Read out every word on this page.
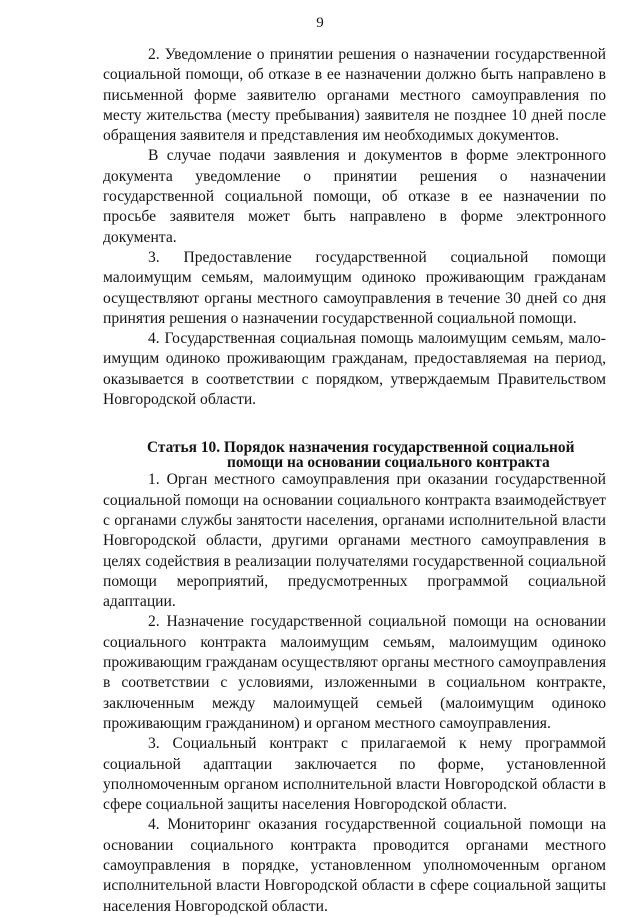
9

2. Уведомление о принятии решения о назначении государственной социальной помощи, об отказе в ее назначении должно быть направлено в письменной форме заявителю органами местного самоуправления по месту жительства (месту пребывания) заявителя не позднее 10 дней после обращения заявителя и представления им необходимых документов.

В случае подачи заявления и документов в форме электронного документа уведомление о принятии решения о назначении государственной социальной помощи, об отказе в ее назначении по просьбе заявителя может быть направлено в форме электронного документа.

3. Предоставление государственной социальной помощи малоимущим семьям, малоимущим одиноко проживающим гражданам осуществляют органы местного самоуправления в течение 30 дней со дня принятия решения о назначении государственной социальной помощи.

4. Государственная социальная помощь малоимущим семьям, малоимущим одиноко проживающим гражданам, предоставляемая на период, оказывается в соответствии с порядком, утверждаемым Правительством Новгородской области.

Статья 10. Порядок назначения государственной социальной
помощи на основании социального контракта

1. Орган местного самоуправления при оказании государственной социальной помощи на основании социального контракта взаимодействует с органами службы занятости населения, органами исполнительной власти Новгородской области, другими органами местного самоуправления в целях содействия в реализации получателями государственной социальной помощи мероприятий, предусмотренных программой социальной адаптации.

2. Назначение государственной социальной помощи на основании социального контракта малоимущим семьям, малоимущим одиноко проживающим гражданам осуществляют органы местного самоуправления в соответствии с условиями, изложенными в социальном контракте, заключенным между малоимущей семьей (малоимущим одиноко проживающим гражданином) и органом местного самоуправления.

3. Социальный контракт с прилагаемой к нему программой социальной адаптации заключается по форме, установленной уполномоченным органом исполнительной власти Новгородской области в сфере социальной защиты населения Новгородской области.

4. Мониторинг оказания государственной социальной помощи на основании социального контракта проводится органами местного самоуправления в порядке, установленном уполномоченным органом исполнительной власти Новгородской области в сфере социальной защиты населения Новгородской области.
